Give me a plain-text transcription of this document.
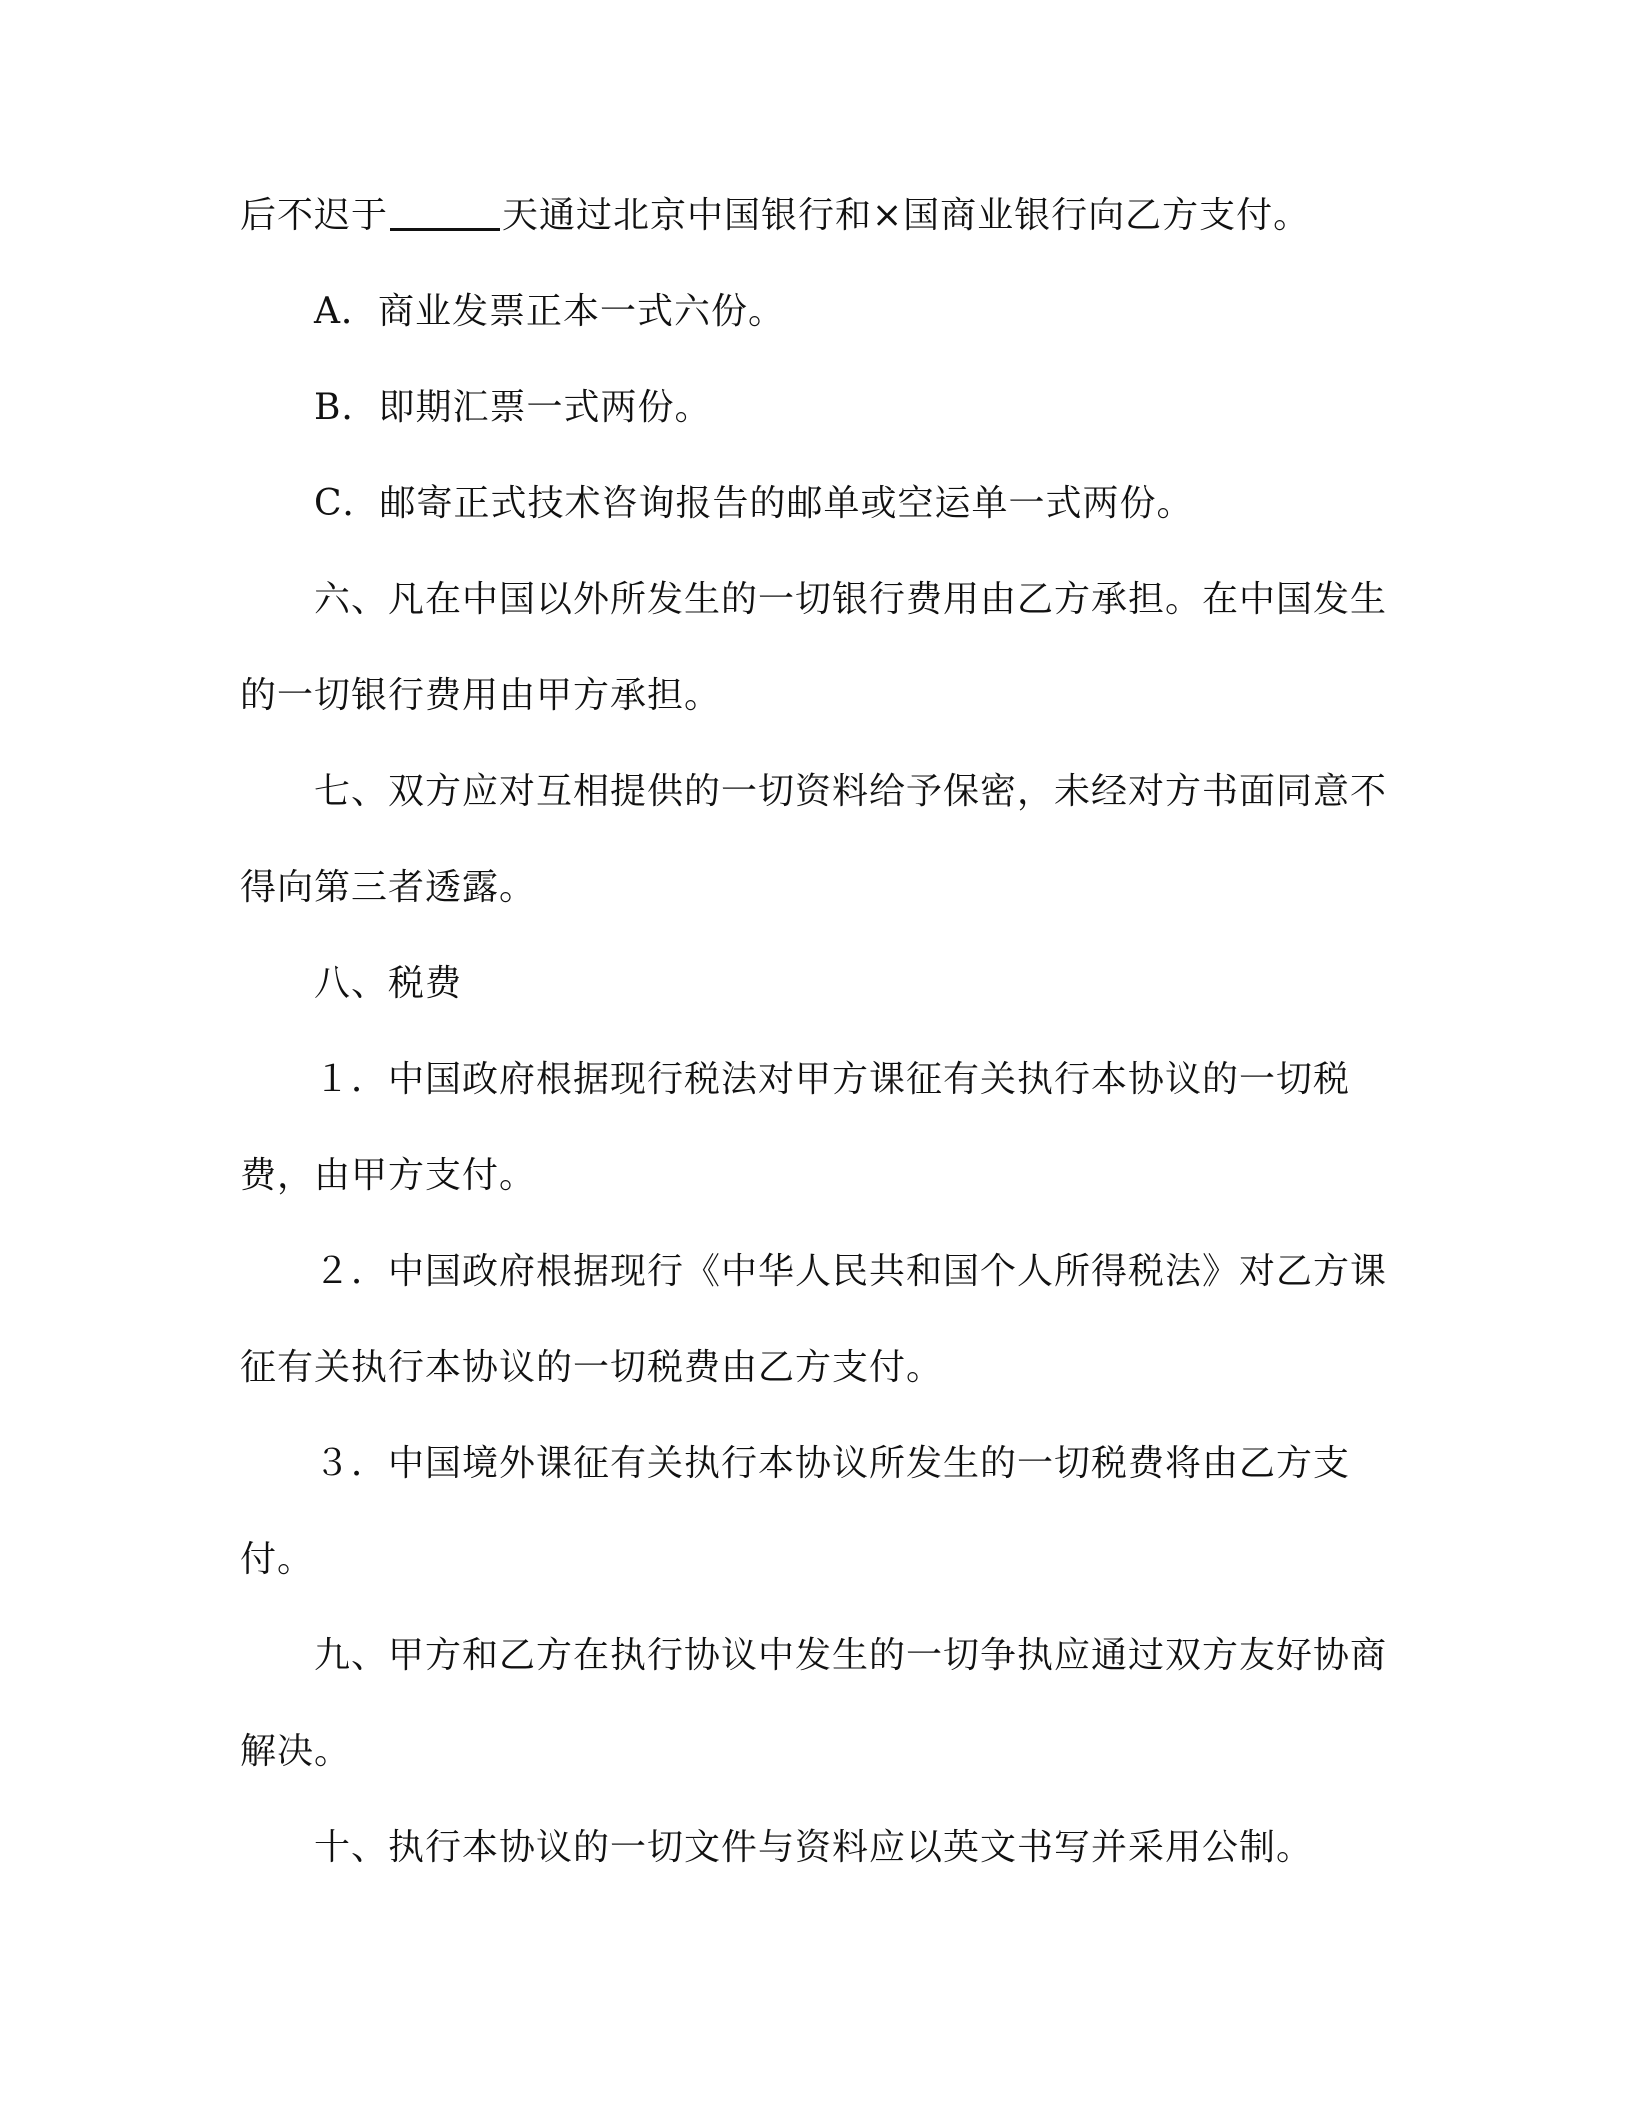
后不迟于	天通过北京中国银行和×国商业银行向乙方支付。
A．商业发票正本一式六份。
B．即期汇票一式两份。
C．邮寄正式技术咨询报告的邮单或空运单一式两份。
六、凡在中国以外所发生的一切银行费用由乙方承担。在中国发生
的一切银行费用由甲方承担。
七、双方应对互相提供的一切资料给予保密，未经对方书面同意不
得向第三者透露。
八、税费
１．中国政府根据现行税法对甲方课征有关执行本协议的一切税
费，由甲方支付。
２．中国政府根据现行《中华人民共和国个人所得税法》对乙方课
征有关执行本协议的一切税费由乙方支付。
３．中国境外课征有关执行本协议所发生的一切税费将由乙方支
付。
九、甲方和乙方在执行协议中发生的一切争执应通过双方友好协商
解决。
十、执行本协议的一切文件与资料应以英文书写并采用公制。
